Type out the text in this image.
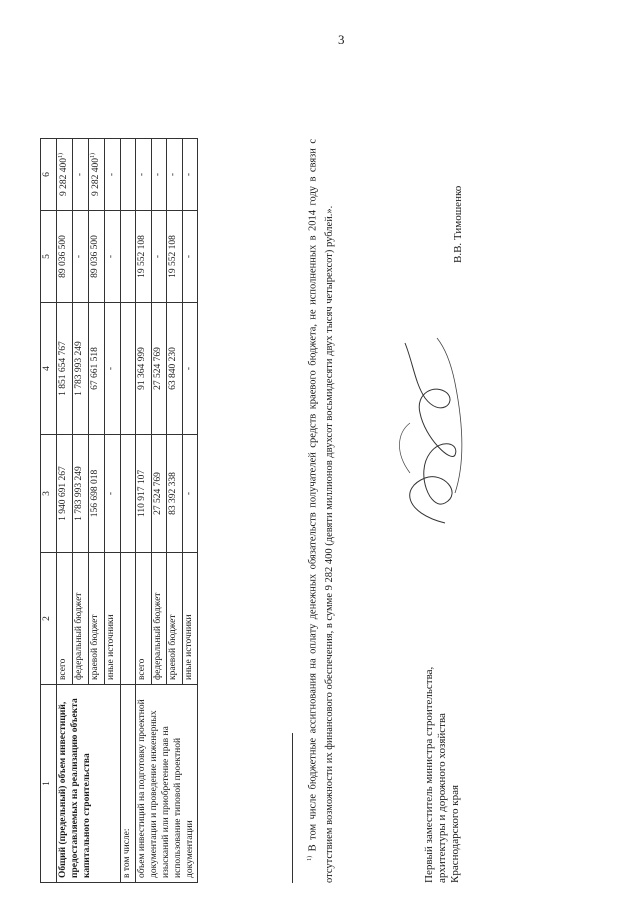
3
1	2	3	4	5	6
Общий (предельный) объем инвестиций, предоставляемых на реализацию объекта капитального строительства	всего	1 940 691 267	1 851 654 767	89 036 500	9 282 400$^{1)}$
	федеральный бюджет	1 783 993 249	1 783 993 249	-	-
	краевой бюджет	156 698 018	67 661 518	89 036 500	9 282 400$^{1)}$
	иные источники	-	-	-	-
в том числе:					
объем инвестиций на подготовку проектной документации и проведение инженерных изысканий или приобретение прав на использование типовой проектной документации	всего	110 917 107	91 364 999	19 552 108	-
	федеральный бюджет	27 524 769	27 524 769	-	-
	краевой бюджет	83 392 338	63 840 230	19 552 108	-
	иные источники	-	-	-	-
$^{1)}$ В том числе бюджетные ассигнования на оплату денежных обязательств получателей средств краевого бюджета, не исполненных в 2014 году в связи с отсутствием возможности их финансового обеспечения, в сумме 9 282 400 (девяти миллионов двухсот восьмидесяти двух тысяч четырехсот) рублей.».	Первый заместитель министра строительства, архитектуры и дорожного хозяйства Краснодарского края
В.В. Тимошенко
